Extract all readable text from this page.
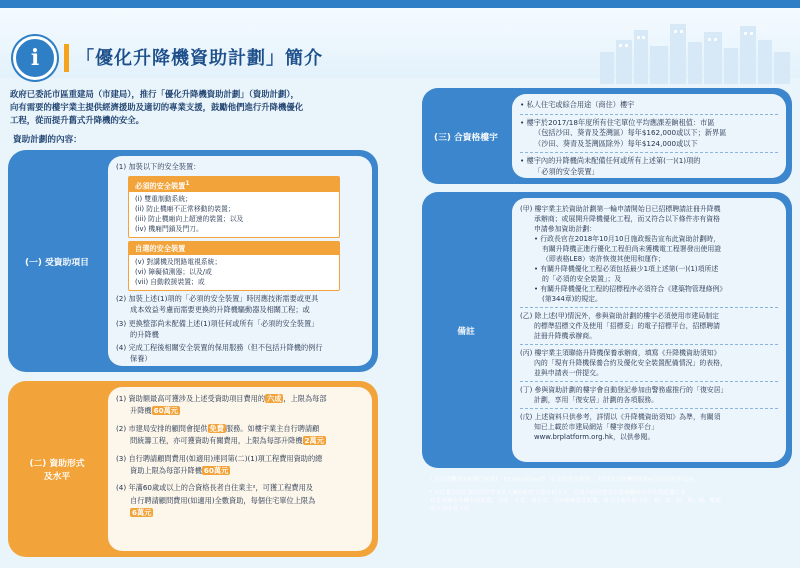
i	「優化升降機資助計劃」簡介
政府已委託市區重建局（市建局），推行「優化升降機資助計劃」（資助計劃），
向有需要的樓宇業主提供經濟援助及適切的專業支援，鼓勵他們進行升降機優化
工程，從而提升舊式升降機的安全。
資助計劃的內容：
(一) 受資助項目
(1) 加裝以下的安全裝置：
必須的安全裝置$^1$
(i) 雙重制動系統；
(ii) 防止機廂不正常移動的裝置；
(iii) 防止機廂向上超速的裝置；以及
(iv) 機廂門鎖及門刀。
自選的安全裝置
(v) 對講機及閉路電視系統；
(vi) 障礙偵測器；以及/或
(vii) 自動救援裝置；或
(2) 加裝上述(1)項的「必須的安全裝置」時因應技術需要或更具
成本效益考慮而需要更換的升降機驅動器及相關工程；或
(3) 更換整部尚未配備上述(1)項任何或所有「必須的安全裝置」
的升降機
(4) 完成工程後相關安全裝置的保用服務（但不包括升降機的例行
保養）
(二) 資助形式
及水平
(1) 資助額最高可獲涉及上述受資助項目費用的 六成 ，上限為每部
升降機 60萬元
(2) 市建局安排的顧問會提供 免費 服務。如樓宇業主自行聘請顧
問統籌工程，亦可獲資助有關費用，上限為每部升降機 2萬元
(3) 自行聘請顧問費用(如適用)連同第(二)(1)項工程費用資助的總
資助上限為每部升降機 60萬元
(4) 年滿60歲或以上的合資格長者自住業主²，可獲工程費用及
自行聘請顧問費用(如適用)全數資助，每個住宅單位上限為
6萬元
(三) 合資格樓宇
• 私人住宅或綜合用途（商住）樓宇
• 樓宇於2017/18年度所有住宅單位平均應課差餉租值：市區
（包括沙田、葵青及荃灣區）每年$162,000或以下；新界區
（沙田、葵青及荃灣區除外）每年$124,000或以下
• 樓宇內的升降機尚未配備任何或所有上述第(一)(1)項的
「必須的安全裝置」
備註
(甲) 樓宇業主於資助計劃第一輪申請開始日已招標聘請註冊升降機
承辦商；或展開升降機優化工程，而又符合以下條件亦有資格
申請參加資助計劃：
• 行政長官在2018年10月10日施政報告宣布此資助計劃時，
有關升降機正進行優化工程但尚未獲機電工程署發出使用證
（即表格LE8）寄許恢復其使用和運作；
• 有關升降機優化工程必須包括最少1項上述第(一)(1)項所述
的「必須的安全裝置」；及
• 有關升降機優化工程的招標程序必須符合《建築物管理條例》
(第344章)的規定。
(乙) 除上述(甲)情況外，參與資助計劃的樓宇必須使用市建局制定
的標準招標文件及使用「招標妥」的電子招標平台，招標聘請
註冊升降機承辦商。
(丙) 樓宇業主須聯絡升降機保養承辦商，填寫《升降機資助須知》
內的「現有升降機保養合約及優化安全裝置配備情況」的表格，
並與申請表一併提交。
(丁) 參與資助計劃的樓宇會自動登記參加由警務處推行的「復安居」
計劃，享用「復安居」計劃的各項服務。
(戊) 上述資料只供參考，詳情以《升降機資助須知》為準，有關須
知已上載於市建局網站「樓宇復修平台」
www.brplatform.org.hk，以供參閱。
¹ 若升降機尚未配備任何第(一)(1)項(i)至(iv)的「必須的安全裝置」，則每次升降機的資助必須包括在申請內。
² 自住業主的定義包括居於其本人擁有的住宅單位的人士，以及其他居於其直系親屬或其所住的配偶之本
直系親屬或其擁有的配偶、父母、子女、孫子女、兄弟姊妹及其配偶、祖父母或外祖父母、叔、伯、姑、舅、姨、配偶
的父母或養父母。
